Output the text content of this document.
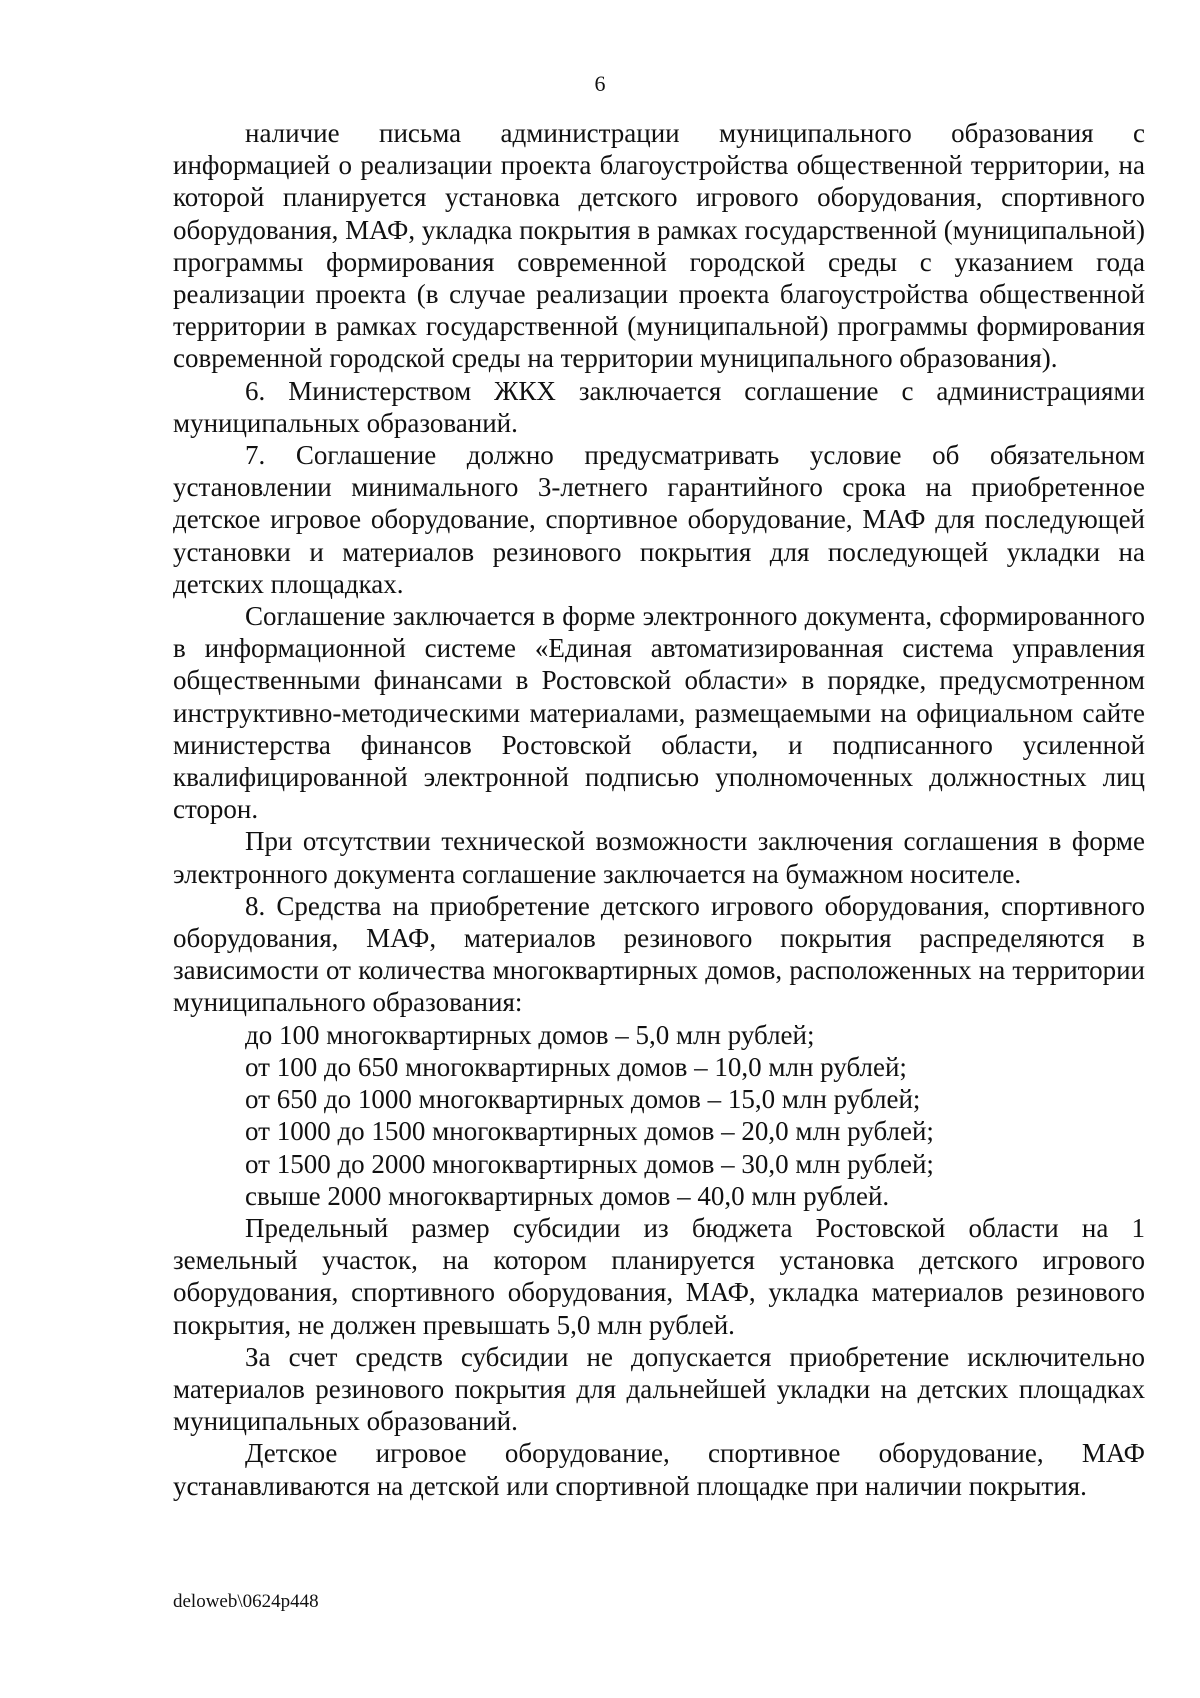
6

наличие письма администрации муниципального образования с информацией о реализации проекта благоустройства общественной территории, на которой планируется установка детского игрового оборудования, спортивного оборудования, МАФ, укладка покрытия в рамках государственной (муниципальной) программы формирования современной городской среды с указанием года реализации проекта (в случае реализации проекта благоустройства общественной территории в рамках государственной (муниципальной) программы формирования современной городской среды на территории муниципального образования).

6. Министерством ЖКХ заключается соглашение с администрациями муниципальных образований.

7. Соглашение должно предусматривать условие об обязательном установлении минимального 3-летнего гарантийного срока на приобретенное детское игровое оборудование, спортивное оборудование, МАФ для последующей установки и материалов резинового покрытия для последующей укладки на детских площадках.

Соглашение заключается в форме электронного документа, сформированного в информационной системе «Единая автоматизированная система управления общественными финансами в Ростовской области» в порядке, предусмотренном инструктивно-методическими материалами, размещаемыми на официальном сайте министерства финансов Ростовской области, и подписанного усиленной квалифицированной электронной подписью уполномоченных должностных лиц сторон.

При отсутствии технической возможности заключения соглашения в форме электронного документа соглашение заключается на бумажном носителе.

8. Средства на приобретение детского игрового оборудования, спортивного оборудования, МАФ, материалов резинового покрытия распределяются в зависимости от количества многоквартирных домов, расположенных на территории муниципального образования:

до 100 многоквартирных домов – 5,0 млн рублей;

от 100 до 650 многоквартирных домов – 10,0 млн рублей;

от 650 до 1000 многоквартирных домов – 15,0 млн рублей;

от 1000 до 1500 многоквартирных домов – 20,0 млн рублей;

от 1500 до 2000 многоквартирных домов – 30,0 млн рублей;

свыше 2000 многоквартирных домов – 40,0 млн рублей.

Предельный размер субсидии из бюджета Ростовской области на 1 земельный участок, на котором планируется установка детского игрового оборудования, спортивного оборудования, МАФ, укладка материалов резинового покрытия, не должен превышать 5,0 млн рублей.

За счет средств субсидии не допускается приобретение исключительно материалов резинового покрытия для дальнейшей укладки на детских площадках муниципальных образований.

Детское игровое оборудование, спортивное оборудование, МАФ устанавливаются на детской или спортивной площадке при наличии покрытия.

deloweb\0624p448
